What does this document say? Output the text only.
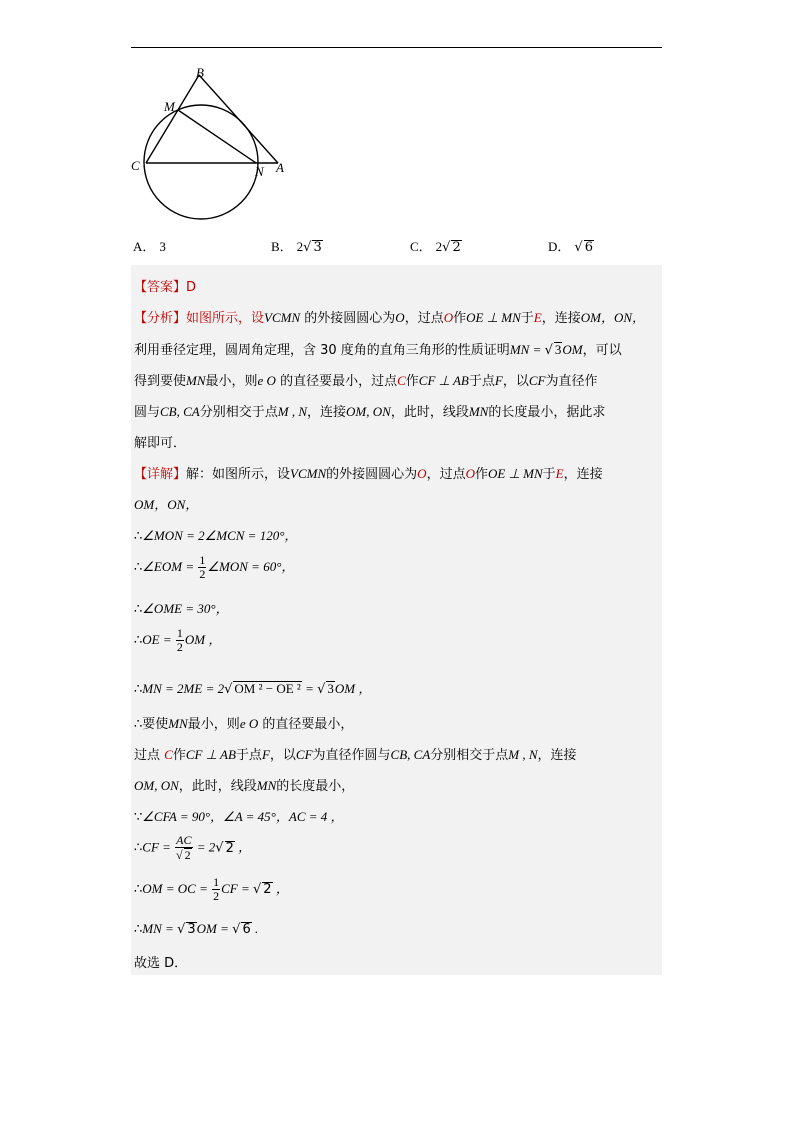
B
M
C	N A
A． 3	B． 2√ 3	C． 2√ 2	D． √ 6
【答案】D
【分析】如图所示，设VCMN 的外接圆圆心为O，过点O作OE ⊥ MN于E，连接OM，ON，
利用垂径定理，圆周角定理，含 30 度角的直角三角形的性质证明MN = √ 3OM，可以
得到要使MN最小，则e O 的直径要最小，过点C作CF ⊥ AB于点F，以CF为直径作
圆与CB, CA分别相交于点M , N，连接OM, ON，此时，线段MN的长度最小，据此求
解即可．
【详解】解：如图所示，设VCMN的外接圆圆心为O，过点O作OE ⊥ MN于E，连接
OM，ON，
∴∠MON = 2∠MCN = 120°，
∴∠EOM = $\frac{1}{2}$ ∠MON = 60°，
∴∠OME = 30°，
∴OE = $\frac{1}{2}$ OM ，
∴MN = 2ME = 2√ OM ² − OE ² = √ 3OM ，
∴要使MN最小，则e O 的直径要最小，
过点 C作CF ⊥ AB于点F，以CF为直径作圆与CB, CA分别相交于点M , N，连接
OM, ON，此时，线段MN的长度最小，
∵∠CFA = 90°，∠A = 45°，AC = 4 ，
∴CF = $\frac{AC}{√ 2} = 2√$ 2 ，
∴OM = OC = $\frac{1}{2}$ CF = √ 2 ，
∴MN = √ 3OM = √ 6 .
故选 D．
